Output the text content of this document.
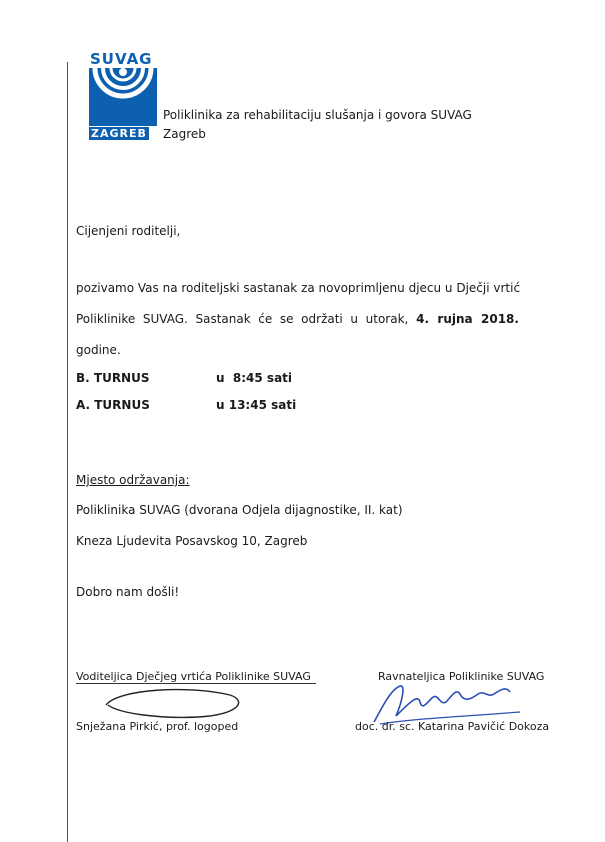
SUVAG
ZAGREB
Poliklinika za rehabilitaciju slušanja i govora SUVAG
Zagreb
Cijenjeni roditelji,
pozivamo Vas na roditeljski sastanak za novoprimljenu djecu u Dječji vrtić
Poliklinike  SUVAG.  Sastanak  će  se  održati  u  utorak, 4.  rujna  2018.
godine.
B. TURNUS	u  8:45 sati
A. TURNUS	u 13:45 sati
Mjesto održavanja:
Poliklinika SUVAG (dvorana Odjela dijagnostike, II. kat)
Kneza Ljudevita Posavskog 10, Zagreb
Dobro nam došli!
Voditeljica Dječjeg vrtića Poliklinike SUVAG
Snježana Pirkić, prof. logoped
Ravnateljica Poliklinike SUVAG
doc. dr. sc. Katarina Pavičić Dokoza
